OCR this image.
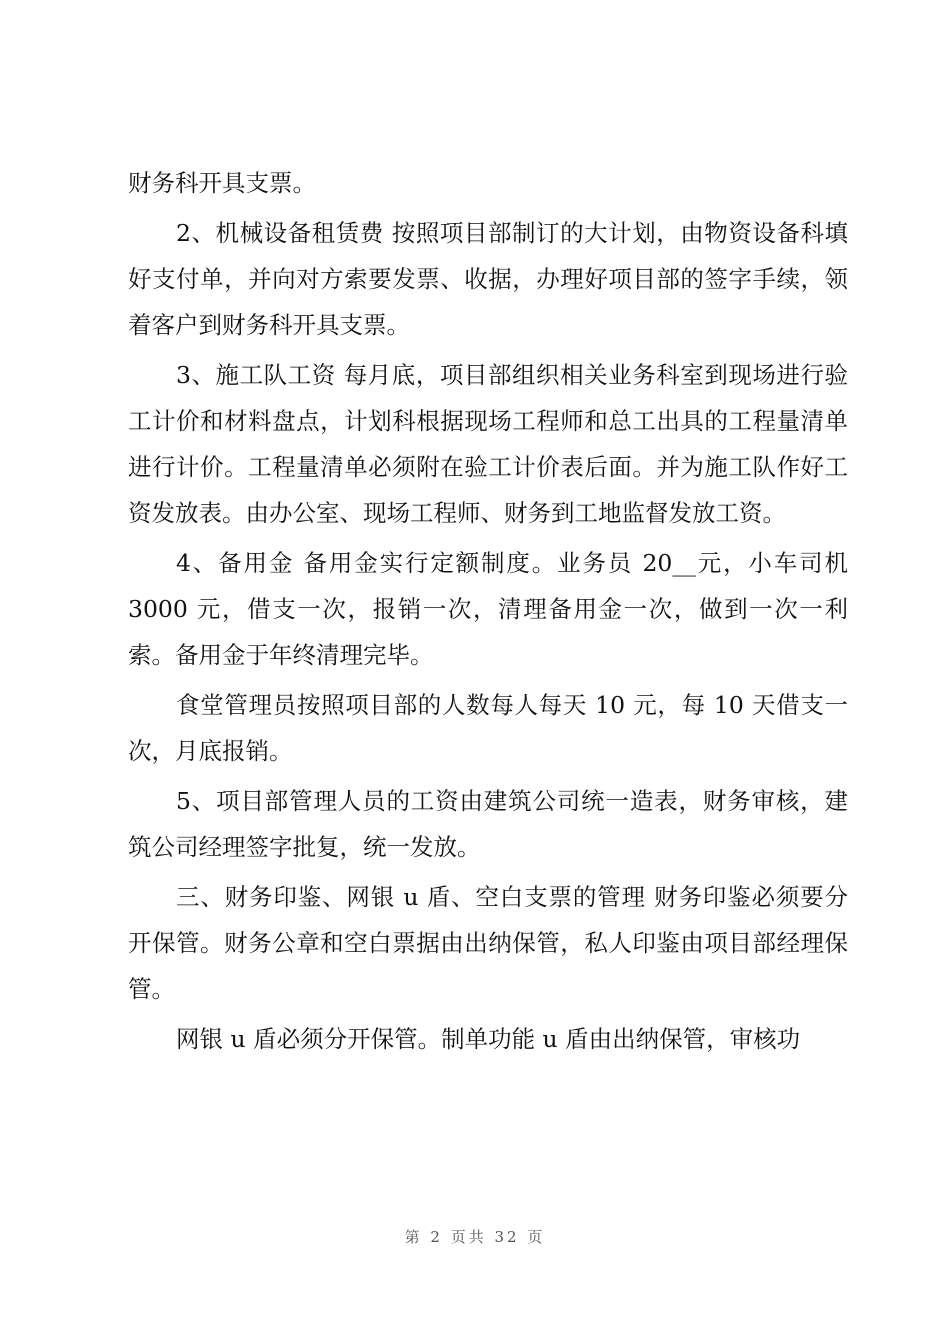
财务科开具支票。

2、机械设备租赁费 按照项目部制订的大计划，由物资设备科填好支付单，并向对方索要发票、收据，办理好项目部的签字手续，领着客户到财务科开具支票。

3、施工队工资 每月底，项目部组织相关业务科室到现场进行验工计价和材料盘点，计划科根据现场工程师和总工出具的工程量清单进行计价。工程量清单必须附在验工计价表后面。并为施工队作好工资发放表。由办公室、现场工程师、财务到工地监督发放工资。

4、备用金 备用金实行定额制度。业务员 20__元，小车司机 3000 元，借支一次，报销一次，清理备用金一次，做到一次一利索。备用金于年终清理完毕。

食堂管理员按照项目部的人数每人每天 10 元，每 10 天借支一次，月底报销。

5、项目部管理人员的工资由建筑公司统一造表，财务审核，建筑公司经理签字批复，统一发放。

三、财务印鉴、网银 u 盾、空白支票的管理 财务印鉴必须要分开保管。财务公章和空白票据由出纳保管，私人印鉴由项目部经理保管。

网银 u 盾必须分开保管。制单功能 u 盾由出纳保管，审核功

第 2 页共 32 页
